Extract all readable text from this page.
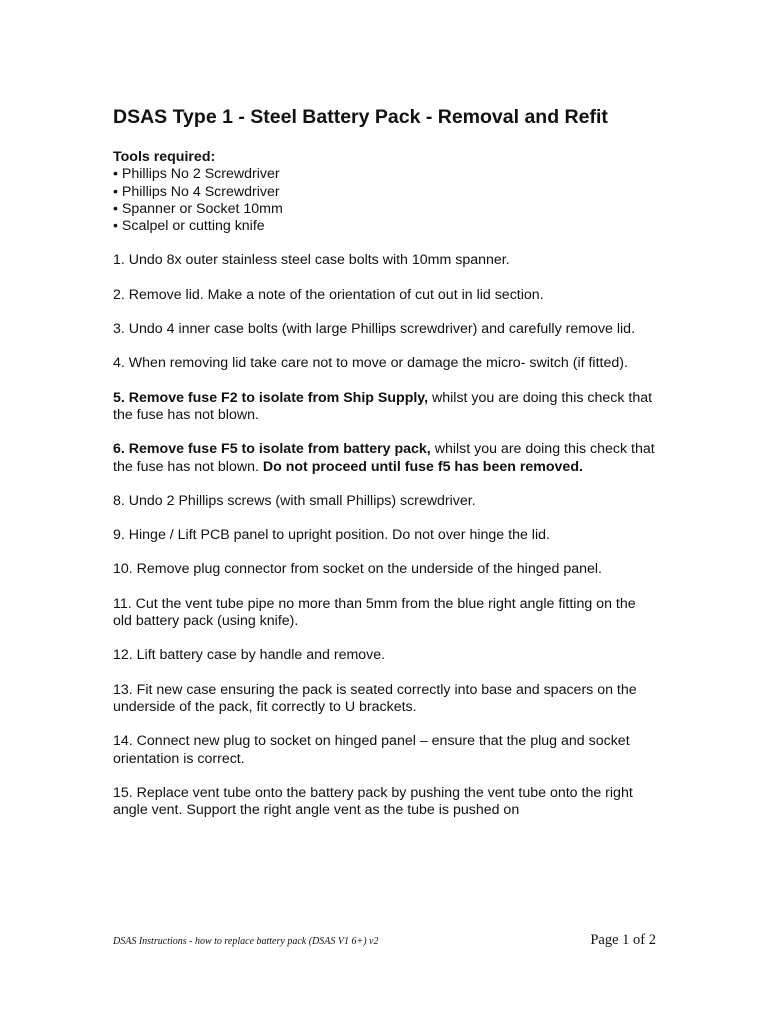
DSAS Type 1 - Steel Battery Pack - Removal and Refit

Tools required:

• Phillips No 2 Screwdriver
• Phillips No 4 Screwdriver
• Spanner or Socket 10mm
• Scalpel or cutting knife

1. Undo 8x outer stainless steel case bolts with 10mm spanner.

2. Remove lid. Make a note of the orientation of cut out in lid section.

3. Undo 4 inner case bolts (with large Phillips screwdriver) and carefully remove lid.

4. When removing lid take care not to move or damage the micro- switch (if fitted).

5. Remove fuse F2 to isolate from Ship Supply, whilst you are doing this check that the fuse has not blown.

6. Remove fuse F5 to isolate from battery pack, whilst you are doing this check that the fuse has not blown. Do not proceed until fuse f5 has been removed.

8. Undo 2 Phillips screws (with small Phillips) screwdriver.

9. Hinge / Lift PCB panel to upright position. Do not over hinge the lid.

10. Remove plug connector from socket on the underside of the hinged panel.

11. Cut the vent tube pipe no more than 5mm from the blue right angle fitting on the old battery pack (using knife).

12. Lift battery case by handle and remove.

13. Fit new case ensuring the pack is seated correctly into base and spacers on the underside of the pack, fit correctly to U brackets.

14. Connect new plug to socket on hinged panel – ensure that the plug and socket orientation is correct.

15. Replace vent tube onto the battery pack by pushing the vent tube onto the right angle vent. Support the right angle vent as the tube is pushed on

DSAS Instructions - how to replace battery pack (DSAS V1 6+) v2	Page 1 of 2
